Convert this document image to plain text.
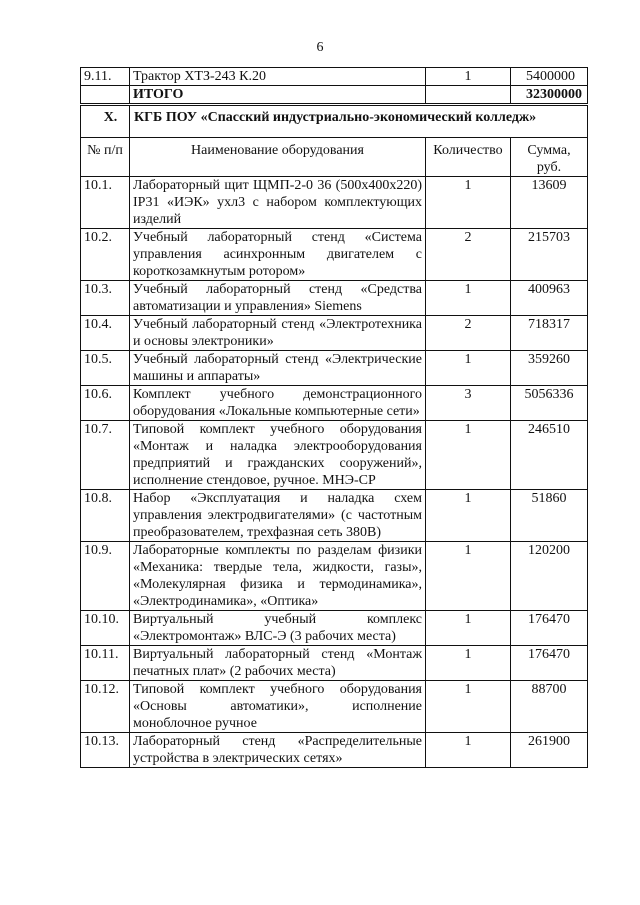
6
9.11.	Трактор ХТЗ-243 К.20	1	5400000
	ИТОГО		32300000
X.	КГБ ПОУ «Спасский индустриально-экономический колледж»		
№ п/п	Наименование оборудования	Количество	Сумма, руб.
10.1.	Лабораторный щит ЩМП-2-0 36 (500x400x220) IP31 «ИЭК» ухл3 с набором комплектующих изделий	1	13609
10.2.	Учебный лабораторный стенд «Система управления асинхронным двигателем с короткозамкнутым ротором»	2	215703
10.3.	Учебный лабораторный стенд «Средства автоматизации и управления» Siemens	1	400963
10.4.	Учебный лабораторный стенд «Электротехника и основы электроники»	2	718317
10.5.	Учебный лабораторный стенд «Электрические машины и аппараты»	1	359260
10.6.	Комплект учебного демонстрационного оборудования «Локальные компьютерные сети»	3	5056336
10.7.	Типовой комплект учебного оборудования «Монтаж и наладка электрооборудования предприятий и гражданских сооружений», исполнение стендовое, ручное. МНЭ-СР	1	246510
10.8.	Набор «Эксплуатация и наладка схем управления электродвигателями» (с частотным преобразователем, трехфазная сеть 380В)	1	51860
10.9.	Лабораторные комплекты по разделам физики «Механика: твердые тела, жидкости, газы», «Молекулярная физика и термодинамика», «Электродинамика», «Оптика»	1	120200
10.10.	Виртуальный учебный комплекс «Электромонтаж» ВЛС-Э (3 рабочих места)	1	176470
10.11.	Виртуальный лабораторный стенд «Монтаж печатных плат» (2 рабочих места)	1	176470
10.12.	Типовой комплект учебного оборудования «Основы автоматики», исполнение моноблочное ручное	1	88700
10.13.	Лабораторный стенд «Распределительные устройства в электрических сетях»	1	261900
